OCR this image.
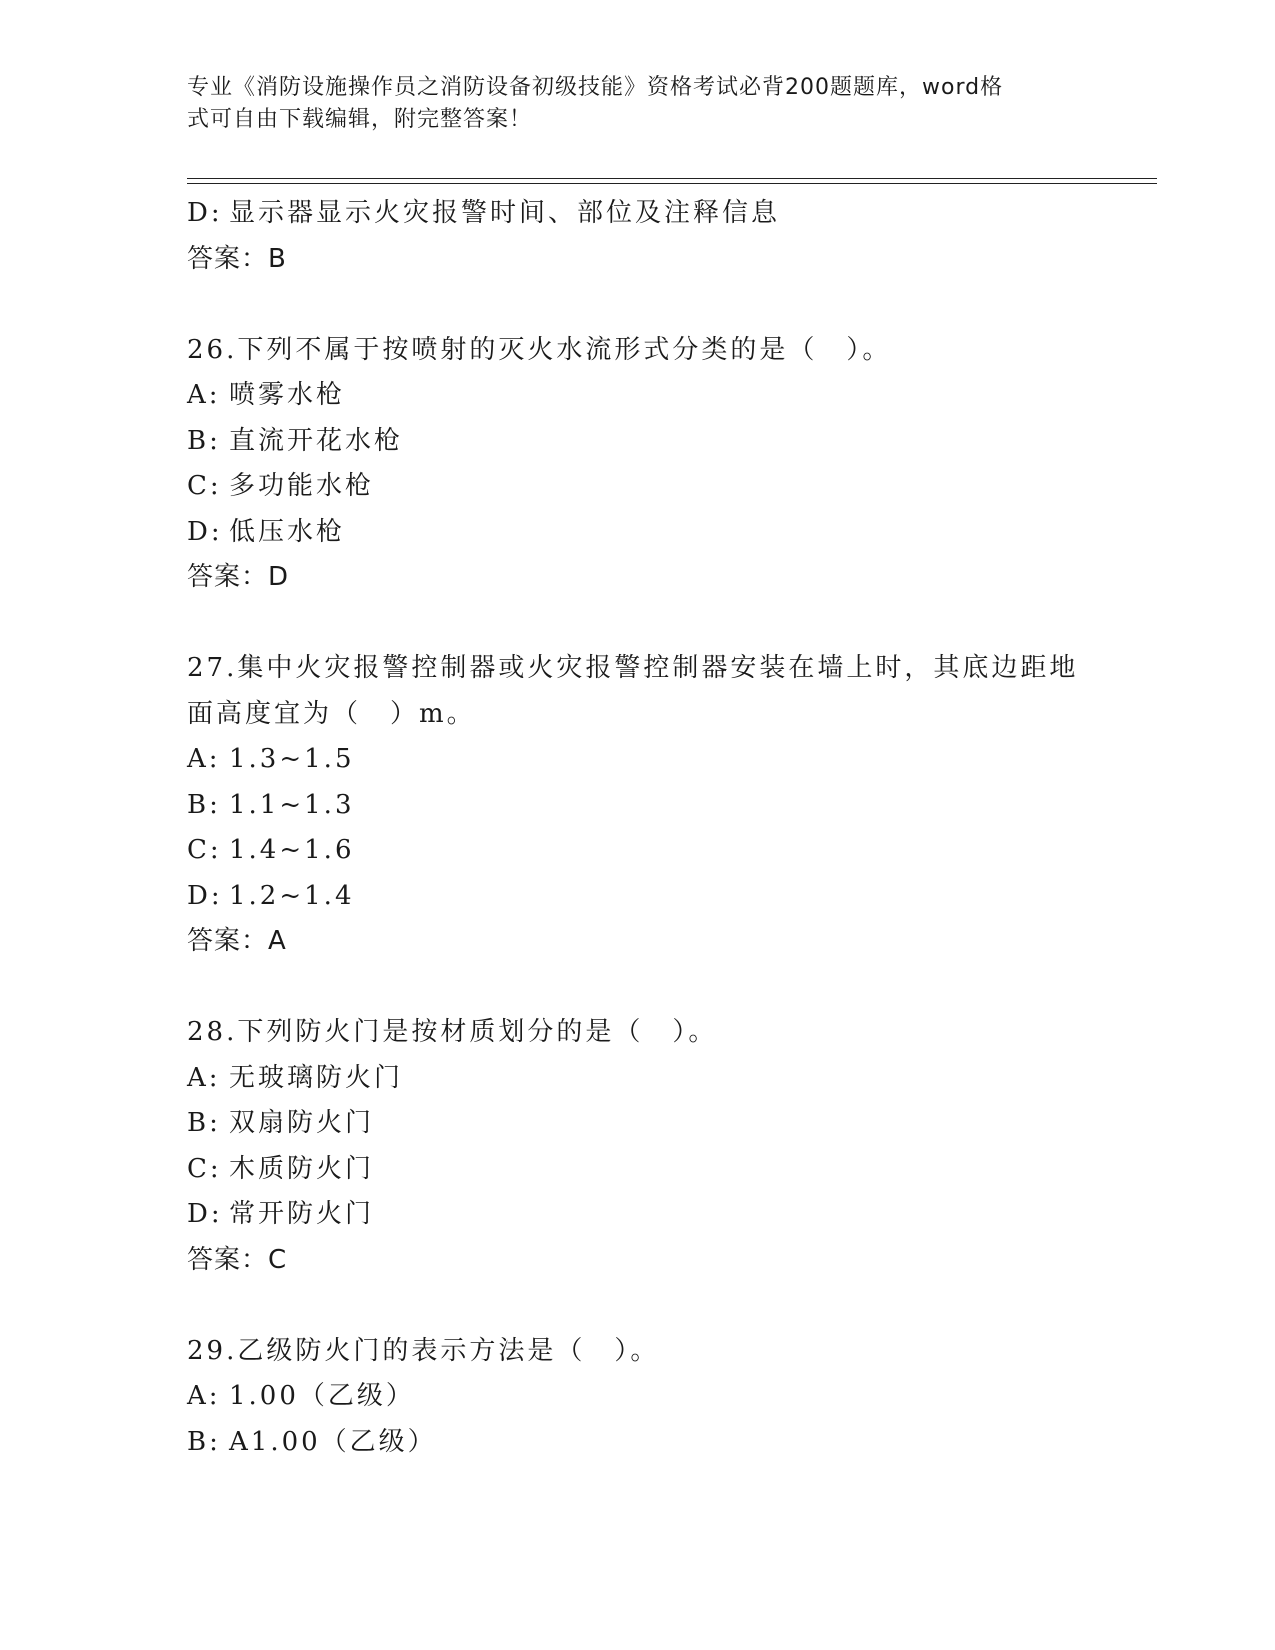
专业《消防设施操作员之消防设备初级技能》资格考试必背200题题库，word格
式可自由下载编辑，附完整答案！
D: 显示器显示火灾报警时间、部位及注释信息
答案：B
26.下列不属于按喷射的灭火水流形式分类的是（　）。
A: 喷雾水枪
B: 直流开花水枪
C: 多功能水枪
D: 低压水枪
答案：D
27.集中火灾报警控制器或火灾报警控制器安装在墙上时，其底边距地
面高度宜为（　）m。
A: 1.3~1.5
B: 1.1~1.3
C: 1.4~1.6
D: 1.2~1.4
答案：A
28.下列防火门是按材质划分的是（　）。
A: 无玻璃防火门
B: 双扇防火门
C: 木质防火门
D: 常开防火门
答案：C
29.乙级防火门的表示方法是（　）。
A: 1.00（乙级）
B: A1.00（乙级）
